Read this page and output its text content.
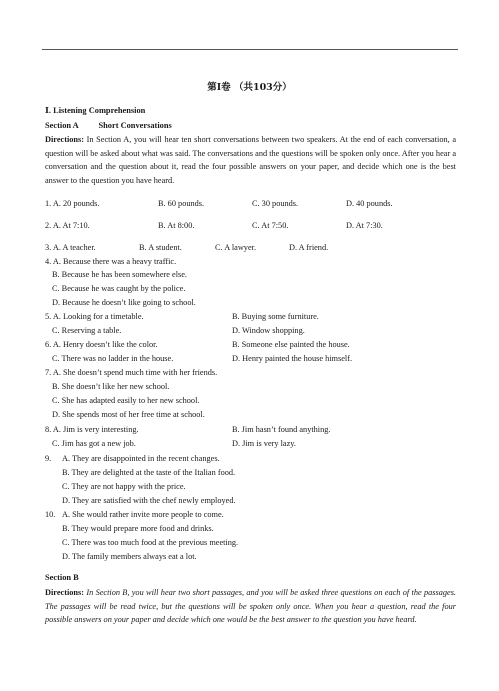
第I卷 （共103分）
Ⅰ. Listening Comprehension
Section A Short Conversations
Directions: In Section A, you will hear ten short conversations between two speakers. At the end of each conversation, a question will be asked about what was said. The conversations and the questions will be spoken only once. After you hear a conversation and the question about it, read the four possible answers on your paper, and decide which one is the best answer to the question you have heard.
1. A. 20 pounds.	B. 60 pounds.	C. 30 pounds.	D. 40 pounds.
2. A. At 7:10.	B. At 8:00.	C. At 7:50.	D. At 7:30.
3. A. A teacher.	B. A student.	C. A lawyer.	D. A friend.
4. A. Because there was a heavy traffic.
B. Because he has been somewhere else.
C. Because he was caught by the police.
D. Because he doesn’t like going to school.
5. A. Looking for a timetable.	B. Buying some furniture.
C. Reserving a table.	D. Window shopping.
6. A. Henry doesn’t like the color.	B. Someone else painted the house.
C. There was no ladder in the house.	D. Henry painted the house himself.
7. A. She doesn’t spend much time with her friends.
B. She doesn’t like her new school.
C. She has adapted easily to her new school.
D. She spends most of her free time at school.
8. A. Jim is very interesting.	B. Jim hasn’t found anything.
C. Jim has got a new job.	D. Jim is very lazy.
9. A. They are disappointed in the recent changes.
B. They are delighted at the taste of the Italian food.
C. They are not happy with the price.
D. They are satisfied with the chef newly employed.
10. A. She would rather invite more people to come.
B. They would prepare more food and drinks.
C. There was too much food at the previous meeting.
D. The family members always eat a lot.
Section B
Directions: In Section B, you will hear two short passages, and you will be asked three questions on each of the passages. The passages will be read twice, but the questions will be spoken only once. When you hear a question, read the four possible answers on your paper and decide which one would be the best answer to the question you have heard.
